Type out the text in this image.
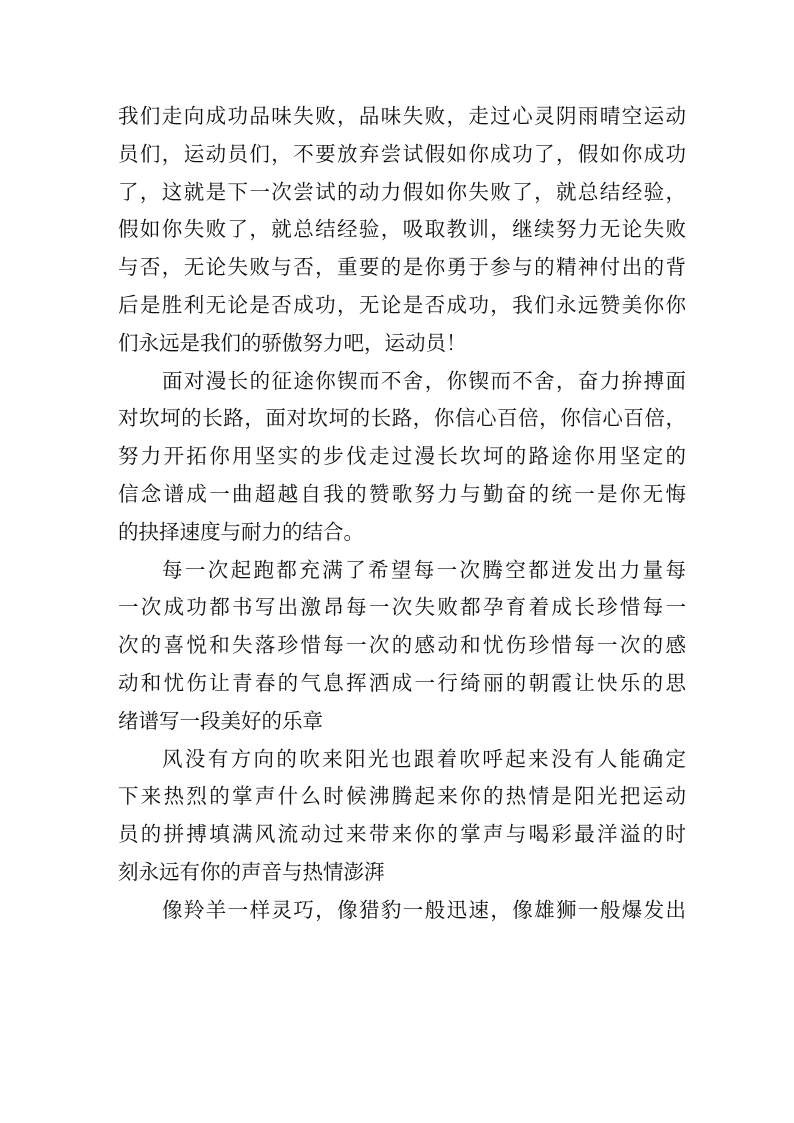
我们走向成功品味失败，品味失败，走过心灵阴雨晴空运动
员们，运动员们，不要放弃尝试假如你成功了，假如你成功
了，这就是下一次尝试的动力假如你失败了，就总结经验，
假如你失败了，就总结经验，吸取教训，继续努力无论失败
与否，无论失败与否，重要的是你勇于参与的精神付出的背
后是胜利无论是否成功，无论是否成功，我们永远赞美你你
们永远是我们的骄傲努力吧，运动员！
面对漫长的征途你锲而不舍，你锲而不舍，奋力拚搏面
对坎坷的长路，面对坎坷的长路，你信心百倍，你信心百倍，
努力开拓你用坚实的步伐走过漫长坎坷的路途你用坚定的
信念谱成一曲超越自我的赞歌努力与勤奋的统一是你无悔
的抉择速度与耐力的结合。
每一次起跑都充满了希望每一次腾空都迸发出力量每
一次成功都书写出激昂每一次失败都孕育着成长珍惜每一
次的喜悦和失落珍惜每一次的感动和忧伤珍惜每一次的感
动和忧伤让青春的气息挥洒成一行绮丽的朝霞让快乐的思
绪谱写一段美好的乐章
风没有方向的吹来阳光也跟着吹呼起来没有人能确定
下来热烈的掌声什么时候沸腾起来你的热情是阳光把运动
员的拼搏填满风流动过来带来你的掌声与喝彩最洋溢的时
刻永远有你的声音与热情澎湃
像羚羊一样灵巧，像猎豹一般迅速，像雄狮一般爆发出
